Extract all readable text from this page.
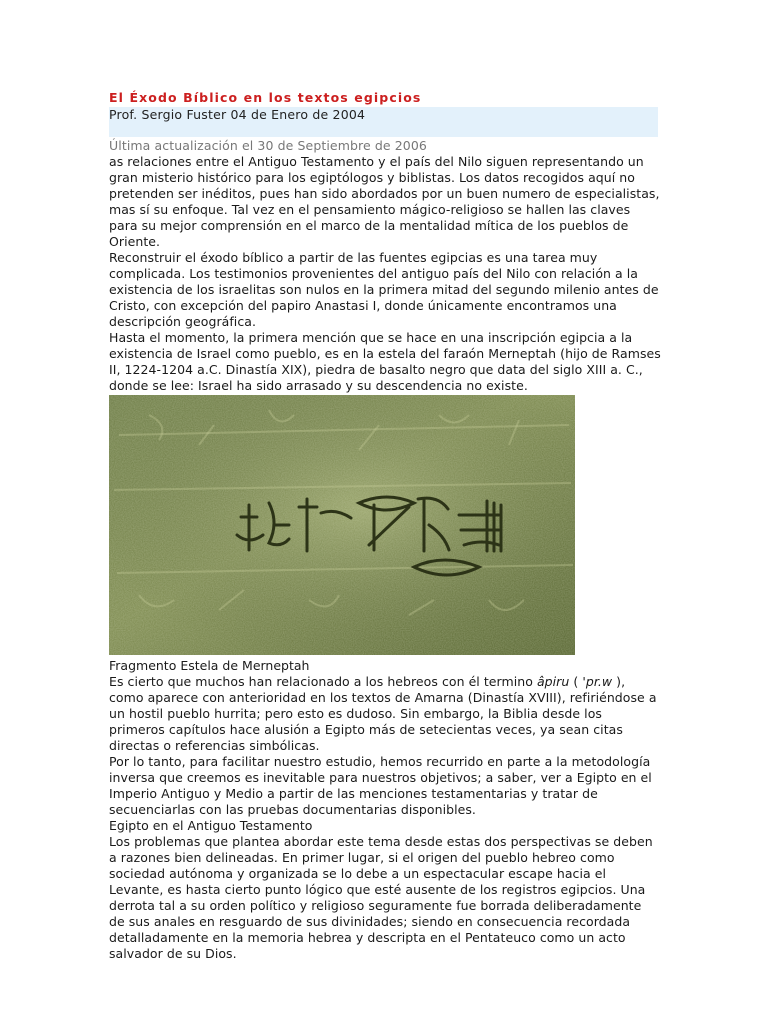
El Éxodo Bíblico en los textos egipcios
Prof. Sergio Fuster 04 de Enero de 2004
Última actualización el 30 de Septiembre de 2006

as relaciones entre el Antiguo Testamento y el país del Nilo siguen representando un gran misterio histórico para los egiptólogos y biblistas. Los datos recogidos aquí no pretenden ser inéditos, pues han sido abordados por un buen numero de especialistas, mas sí su enfoque. Tal vez en el pensamiento mágico-religioso se hallen las claves para su mejor comprensión en el marco de la mentalidad mítica de los pueblos de Oriente.

Reconstruir el éxodo bíblico a partir de las fuentes egipcias es una tarea muy complicada. Los testimonios provenientes del antiguo país del Nilo con relación a la existencia de los israelitas son nulos en la primera mitad del segundo milenio antes de Cristo, con excepción del papiro Anastasi I, donde únicamente encontramos una descripción geográfica.

Hasta el momento, la primera mención que se hace en una inscripción egipcia a la existencia de Israel como pueblo, es en la estela del faraón Merneptah (hijo de Ramses II, 1224-1204 a.C. Dinastía XIX), piedra de basalto negro que data del siglo XIII a. C., donde se lee: Israel ha sido arrasado y su descendencia no existe.

Fragmento Estela de Merneptah

Es cierto que muchos han relacionado a los hebreos con él termino âpiru ( 'pr.w ), como aparece con anterioridad en los textos de Amarna (Dinastía XVIII), refiriéndose a un hostil pueblo hurrita; pero esto es dudoso. Sin embargo, la Biblia desde los primeros capítulos hace alusión a Egipto más de setecientas veces, ya sean citas directas o referencias simbólicas.

Por lo tanto, para facilitar nuestro estudio, hemos recurrido en parte a la metodología inversa que creemos es inevitable para nuestros objetivos; a saber, ver a Egipto en el Imperio Antiguo y Medio a partir de las menciones testamentarias y tratar de secuenciarlas con las pruebas documentarias disponibles.

Egipto en el Antiguo Testamento

Los problemas que plantea abordar este tema desde estas dos perspectivas se deben a razones bien delineadas. En primer lugar, si el origen del pueblo hebreo como sociedad autónoma y organizada se lo debe a un espectacular escape hacia el Levante, es hasta cierto punto lógico que esté ausente de los registros egipcios. Una derrota tal a su orden político y religioso seguramente fue borrada deliberadamente de sus anales en resguardo de sus divinidades; siendo en consecuencia recordada detalladamente en la memoria hebrea y descripta en el Pentateuco como un acto salvador de su Dios.
